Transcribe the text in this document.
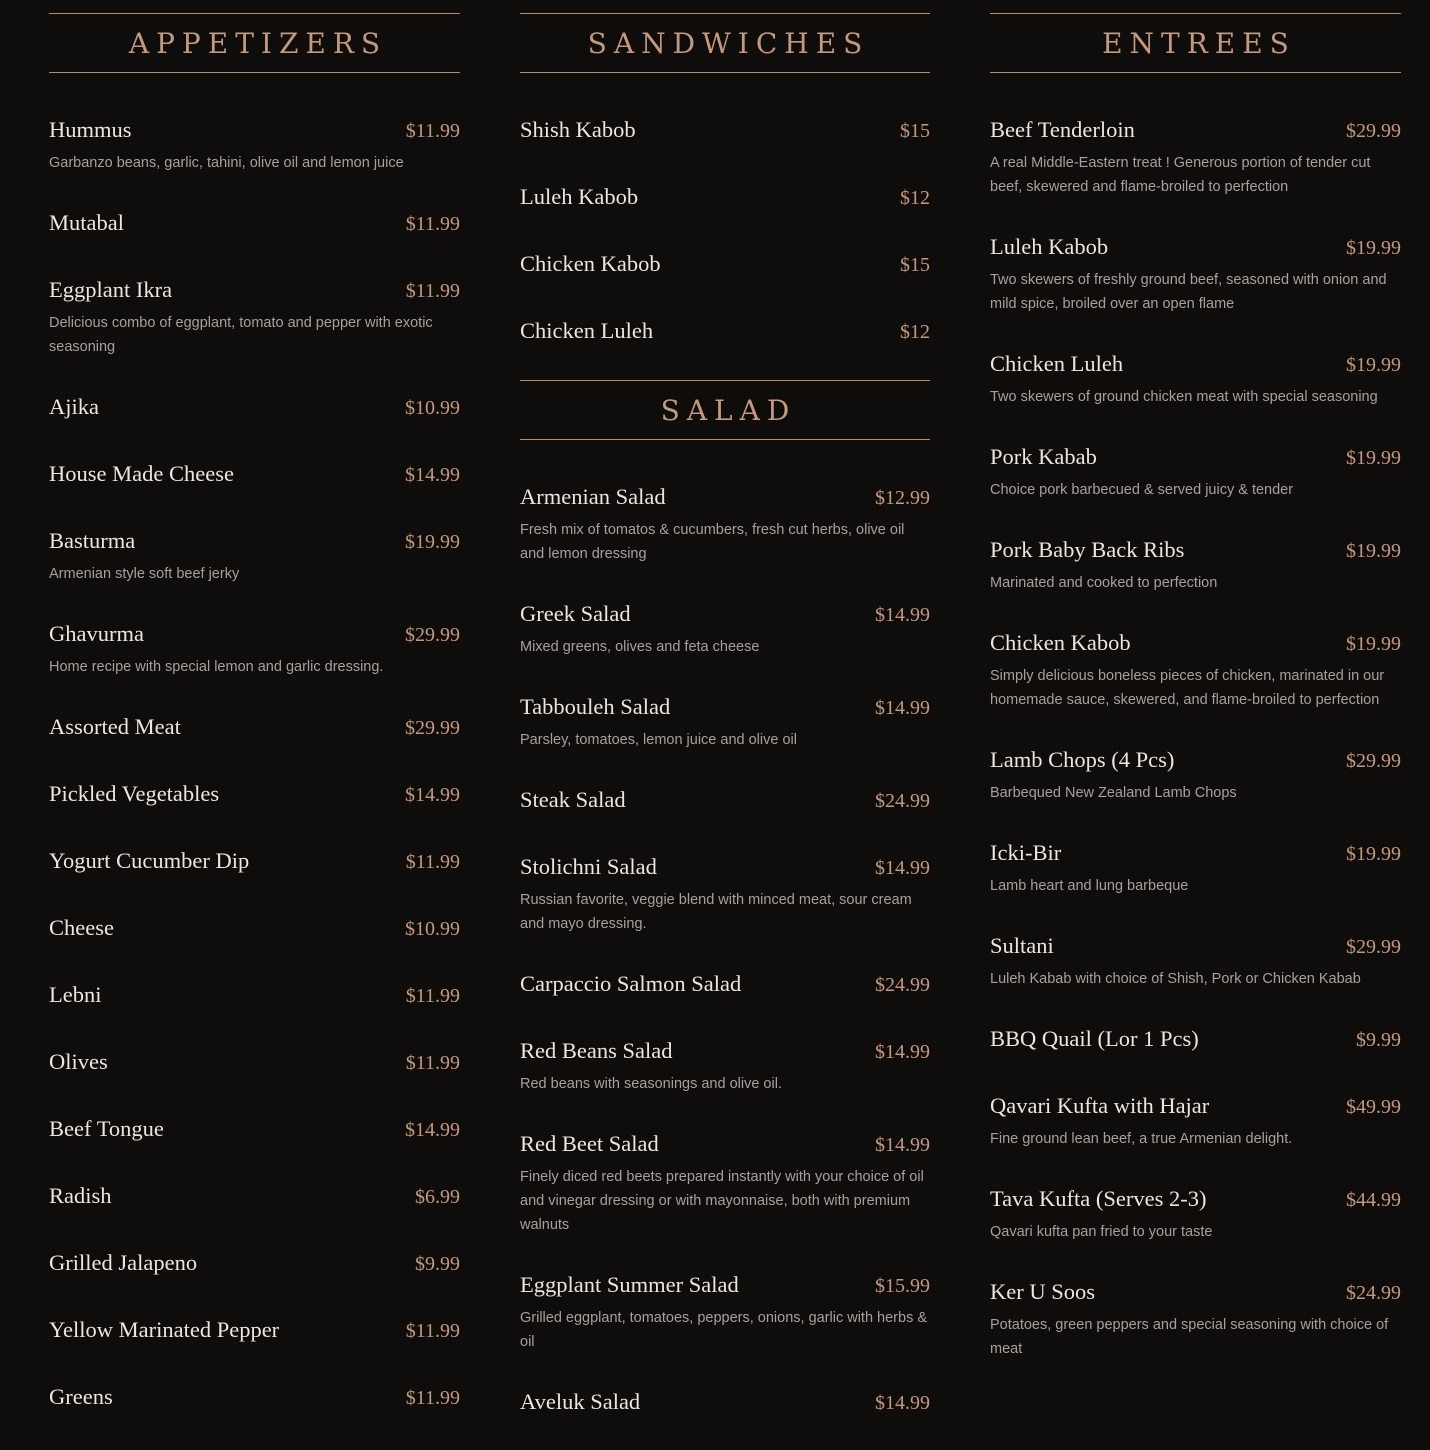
APPETIZERS
Hummus	$11.99

Garbanzo beans, garlic, tahini, olive oil and lemon juice

Mutabal	$11.99
Eggplant Ikra	$11.99

Delicious combo of eggplant, tomato and pepper with exotic seasoning

Ajika	$10.99
House Made Cheese	$14.99
Basturma	$19.99

Armenian style soft beef jerky

Ghavurma	$29.99

Home recipe with special lemon and garlic dressing.

Assorted Meat	$29.99
Pickled Vegetables	$14.99
Yogurt Cucumber Dip	$11.99
Cheese	$10.99
Lebni	$11.99
Olives	$11.99
Beef Tongue	$14.99
Radish	$6.99
Grilled Jalapeno	$9.99
Yellow Marinated Pepper	$11.99
Greens	$11.99
SANDWICHES
Shish Kabob	$15
Luleh Kabob	$12
Chicken Kabob	$15
Chicken Luleh	$12
SALAD
Armenian Salad	$12.99

Fresh mix of tomatos & cucumbers, fresh cut herbs, olive oil and lemon dressing

Greek Salad	$14.99

Mixed greens, olives and feta cheese

Tabbouleh Salad	$14.99

Parsley, tomatoes, lemon juice and olive oil

Steak Salad	$24.99
Stolichni Salad	$14.99

Russian favorite, veggie blend with minced meat, sour cream and mayo dressing.

Carpaccio Salmon Salad	$24.99
Red Beans Salad	$14.99

Red beans with seasonings and olive oil.

Red Beet Salad	$14.99

Finely diced red beets prepared instantly with your choice of oil and vinegar dressing or with mayonnaise, both with premium walnuts

Eggplant Summer Salad	$15.99

Grilled eggplant, tomatoes, peppers, onions, garlic with herbs & oil

Aveluk Salad	$14.99
ENTREES
Beef Tenderloin	$29.99

A real Middle-Eastern treat ! Generous portion of tender cut beef, skewered and flame-broiled to perfection

Luleh Kabob	$19.99

Two skewers of freshly ground beef, seasoned with onion and mild spice, broiled over an open flame

Chicken Luleh	$19.99

Two skewers of ground chicken meat with special seasoning

Pork Kabab	$19.99

Choice pork barbecued & served juicy & tender

Pork Baby Back Ribs	$19.99

Marinated and cooked to perfection

Chicken Kabob	$19.99

Simply delicious boneless pieces of chicken, marinated in our homemade sauce, skewered, and flame-broiled to perfection

Lamb Chops (4 Pcs)	$29.99

Barbequed New Zealand Lamb Chops

Icki-Bir	$19.99

Lamb heart and lung barbeque

Sultani	$29.99

Luleh Kabab with choice of Shish, Pork or Chicken Kabab

BBQ Quail (Lor 1 Pcs)	$9.99
Qavari Kufta with Hajar	$49.99

Fine ground lean beef, a true Armenian delight.

Tava Kufta (Serves 2-3)	$44.99

Qavari kufta pan fried to your taste

Ker U Soos	$24.99

Potatoes, green peppers and special seasoning with choice of meat
